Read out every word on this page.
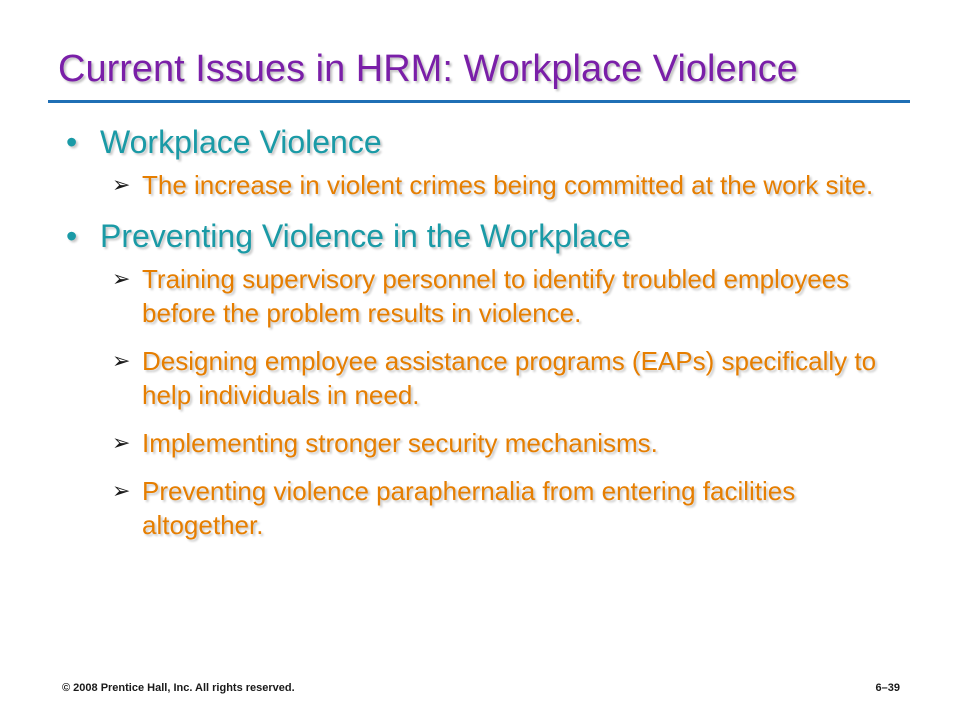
Current Issues in HRM: Workplace Violence
• Workplace Violence
➢ The increase in violent crimes being committed at the work site.
• Preventing Violence in the Workplace
➢ Training supervisory personnel to identify troubled employees before the problem results in violence.
➢ Designing employee assistance programs (EAPs) specifically to help individuals in need.
➢ Implementing stronger security mechanisms.
➢ Preventing violence paraphernalia from entering facilities altogether.
© 2008 Prentice Hall, Inc. All rights reserved.	6–39
